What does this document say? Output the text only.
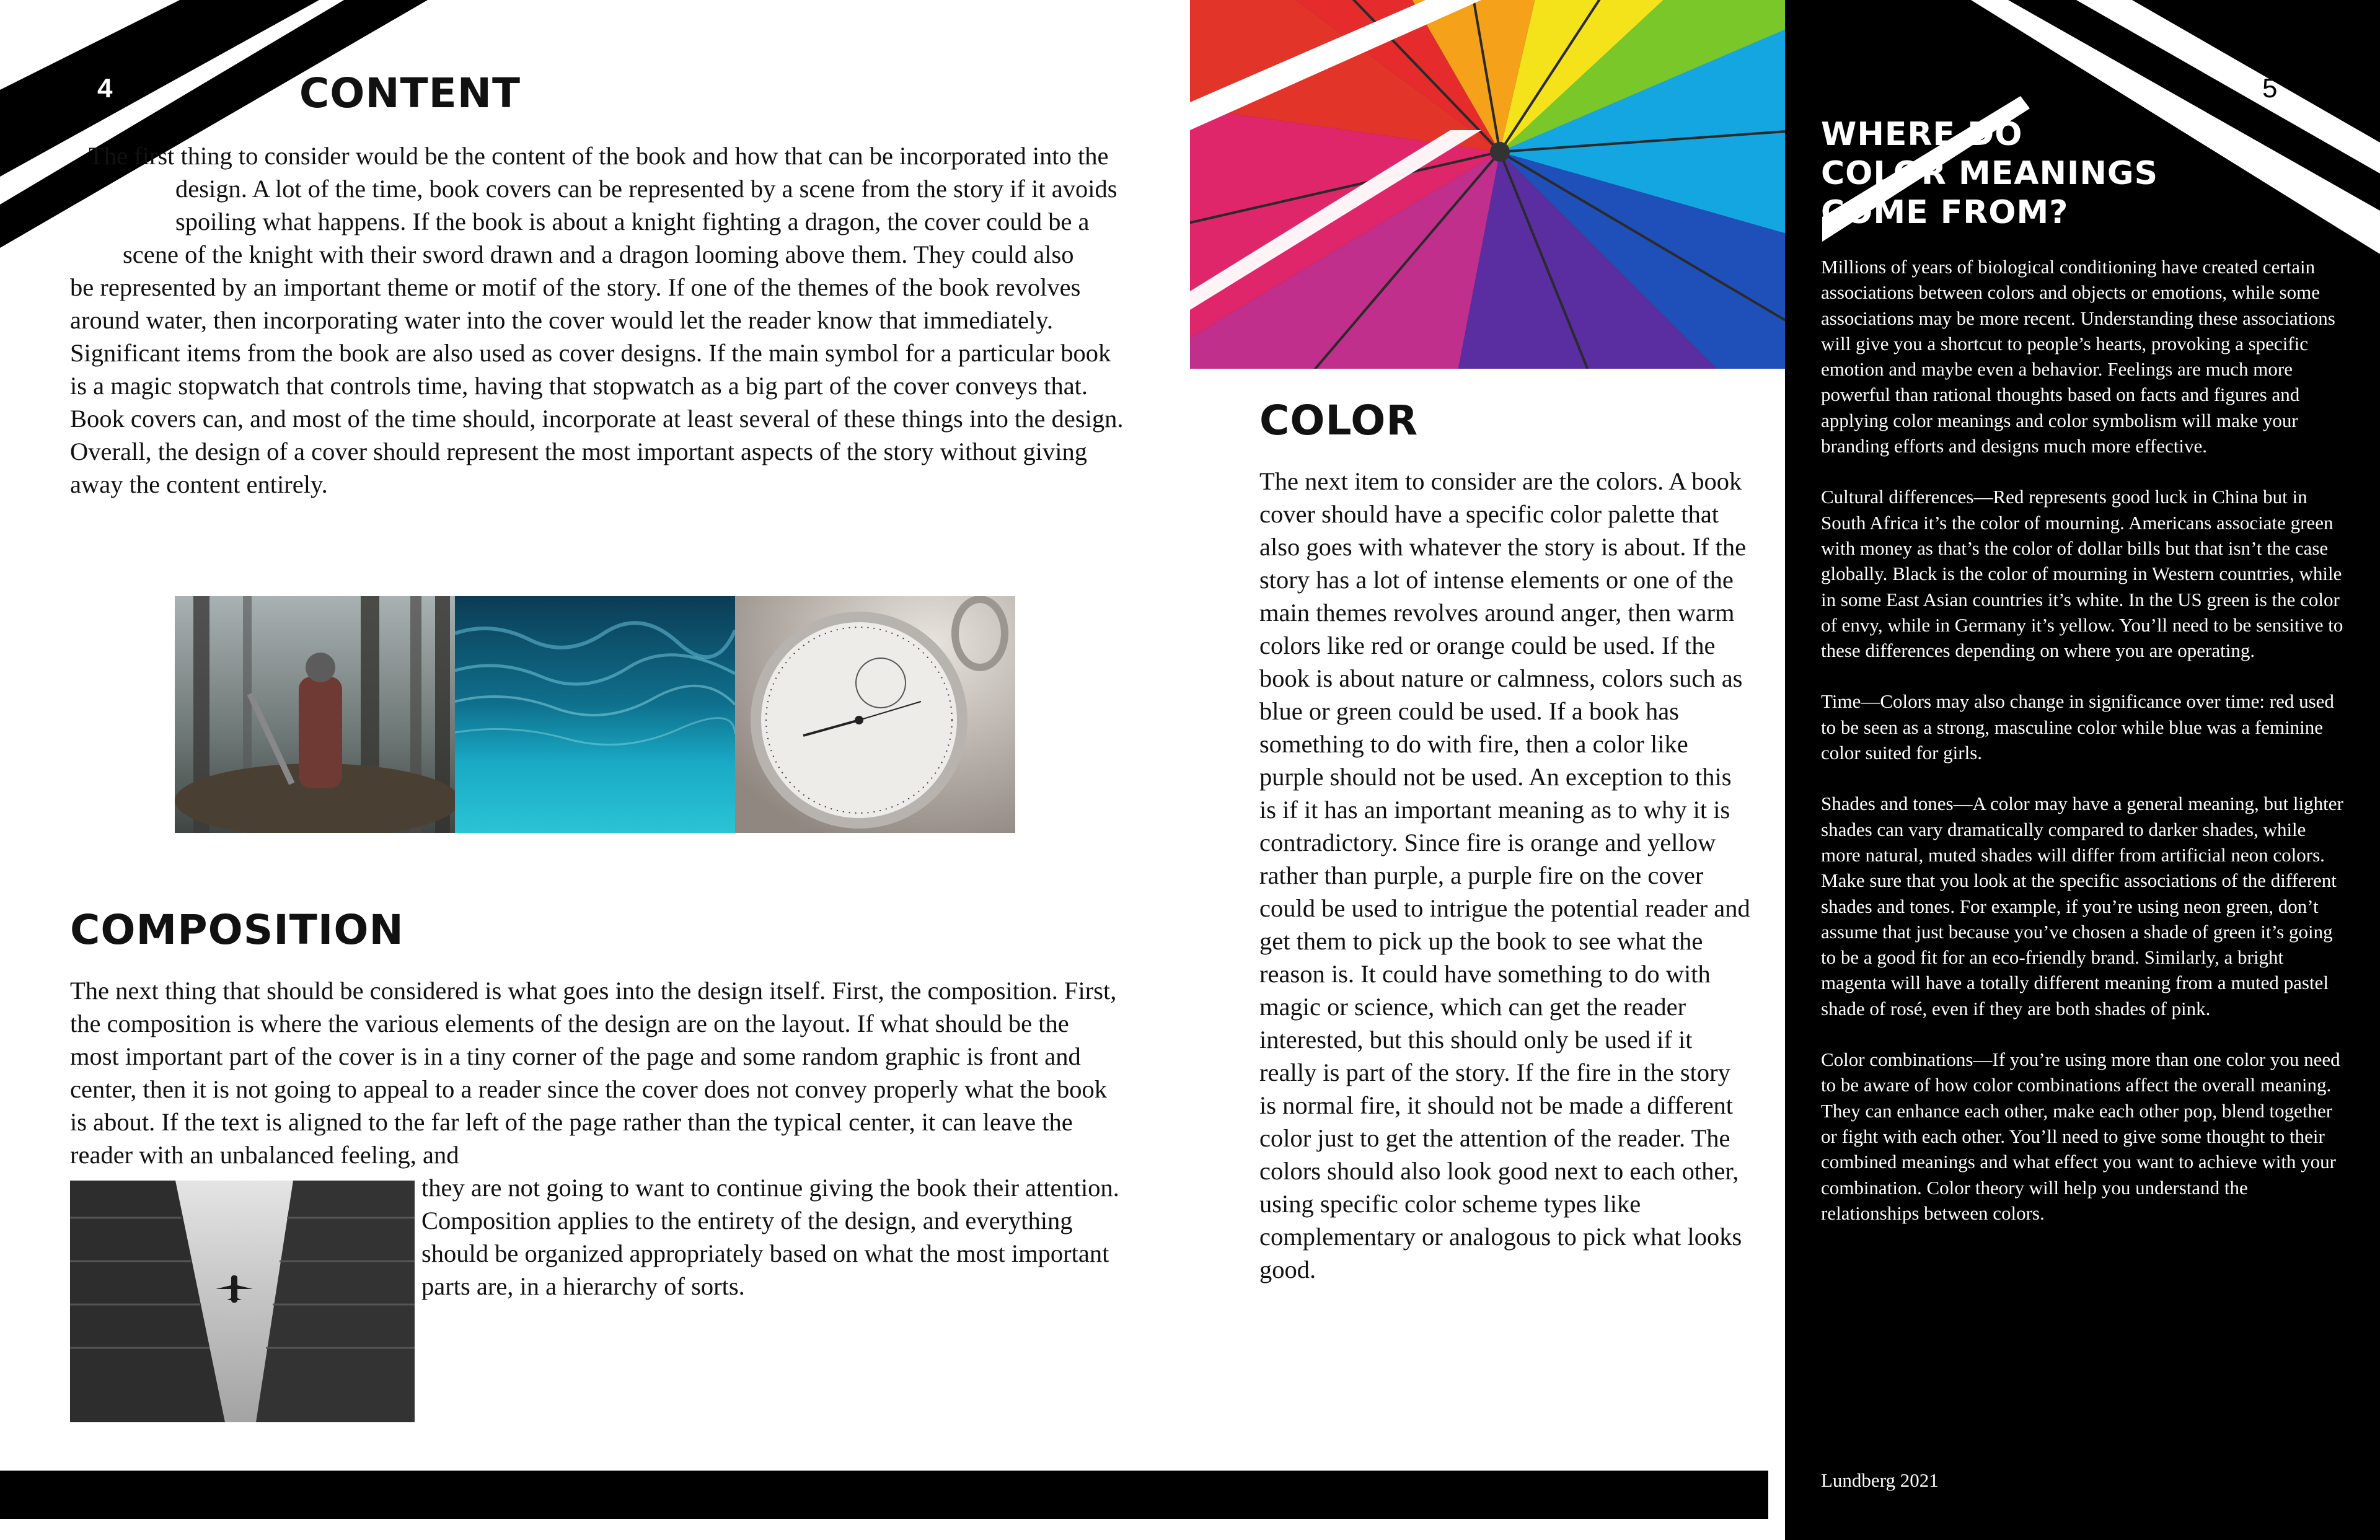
4	CONTENT
The first thing to consider would be the content of the book and how that can be incorporated into the design. A lot of the time, book covers can be represented by a scene from the story if it avoids spoiling what happens. If the book is about a knight fighting a dragon, the cover could be a scene of the knight with their sword drawn and a dragon looming above them. They could also be represented by an important theme or motif of the story. If one of the themes of the book revolves around water, then incorporating water into the cover would let the reader know that immediately. Significant items from the book are also used as cover designs. If the main symbol for a particular book is a magic stopwatch that controls time, having that stopwatch as a big part of the cover conveys that. Book covers can, and most of the time should, incorporate at least several of these things into the design. Overall, the design of a cover should represent the most important aspects of the story without giving away the content entirely.
COMPOSITION
The next thing that should be considered is what goes into the design itself. First, the composition. First, the composition is where the various elements of the design are on the layout. If what should be the most important part of the cover is in a tiny corner of the page and some random graphic is front and center, then it is not going to appeal to a reader since the cover does not convey properly what the book is about. If the text is aligned to the far left of the page rather than the typical center, it can leave the reader with an unbalanced feeling, and
they are not going to want to continue giving the book their attention. Composition applies to the entirety of the design, and everything should be organized appropriately based on what the most important parts are, in a hierarchy of sorts.
COLOR
The next item to consider are the colors. A book cover should have a specific color palette that also goes with whatever the story is about. If the story has a lot of intense elements or one of the main themes revolves around anger, then warm colors like red or orange could be used. If the book is about nature or calmness, colors such as blue or green could be used. If a book has something to do with fire, then a color like purple should not be used. An exception to this is if it has an important meaning as to why it is contradictory. Since fire is orange and yellow rather than purple, a purple fire on the cover could be used to intrigue the potential reader and get them to pick up the book to see what the reason is. It could have something to do with magic or science, which can get the reader interested, but this should only be used if it really is part of the story. If the fire in the story is normal fire, it should not be made a different color just to get the attention of the reader. The colors should also look good next to each other, using specific color scheme types like complementary or analogous to pick what looks good.
5
WHERE DO
COLOR MEANINGS
COME FROM?

Millions of years of biological conditioning have created certain associations between colors and objects or emotions, while some associations may be more recent. Understanding these associations will give you a shortcut to people’s hearts, provoking a specific emotion and maybe even a behavior. Feelings are much more powerful than rational thoughts based on facts and figures and applying color meanings and color symbolism will make your branding efforts and designs much more effective.

Cultural differences—Red represents good luck in China but in South Africa it’s the color of mourning. Americans associate green with money as that’s the color of dollar bills but that isn’t the case globally. Black is the color of mourning in Western countries, while in some East Asian countries it’s white. In the US green is the color of envy, while in Germany it’s yellow. You’ll need to be sensitive to these differences depending on where you are operating.

Time—Colors may also change in significance over time: red used to be seen as a strong, masculine color while blue was a feminine color suited for girls.

Shades and tones—A color may have a general meaning, but lighter shades can vary dramatically compared to darker shades, while more natural, muted shades will differ from artificial neon colors. Make sure that you look at the specific associations of the different shades and tones. For example, if you’re using neon green, don’t assume that just because you’ve chosen a shade of green it’s going to be a good fit for an eco-friendly brand. Similarly, a bright magenta will have a totally different meaning from a muted pastel shade of rosé, even if they are both shades of pink.

Color combinations—If you’re using more than one color you need to be aware of how color combinations affect the overall meaning. They can enhance each other, make each other pop, blend together or fight with each other. You’ll need to give some thought to their combined meanings and what effect you want to achieve with your combination. Color theory will help you understand the relationships between colors.

Lundberg 2021
